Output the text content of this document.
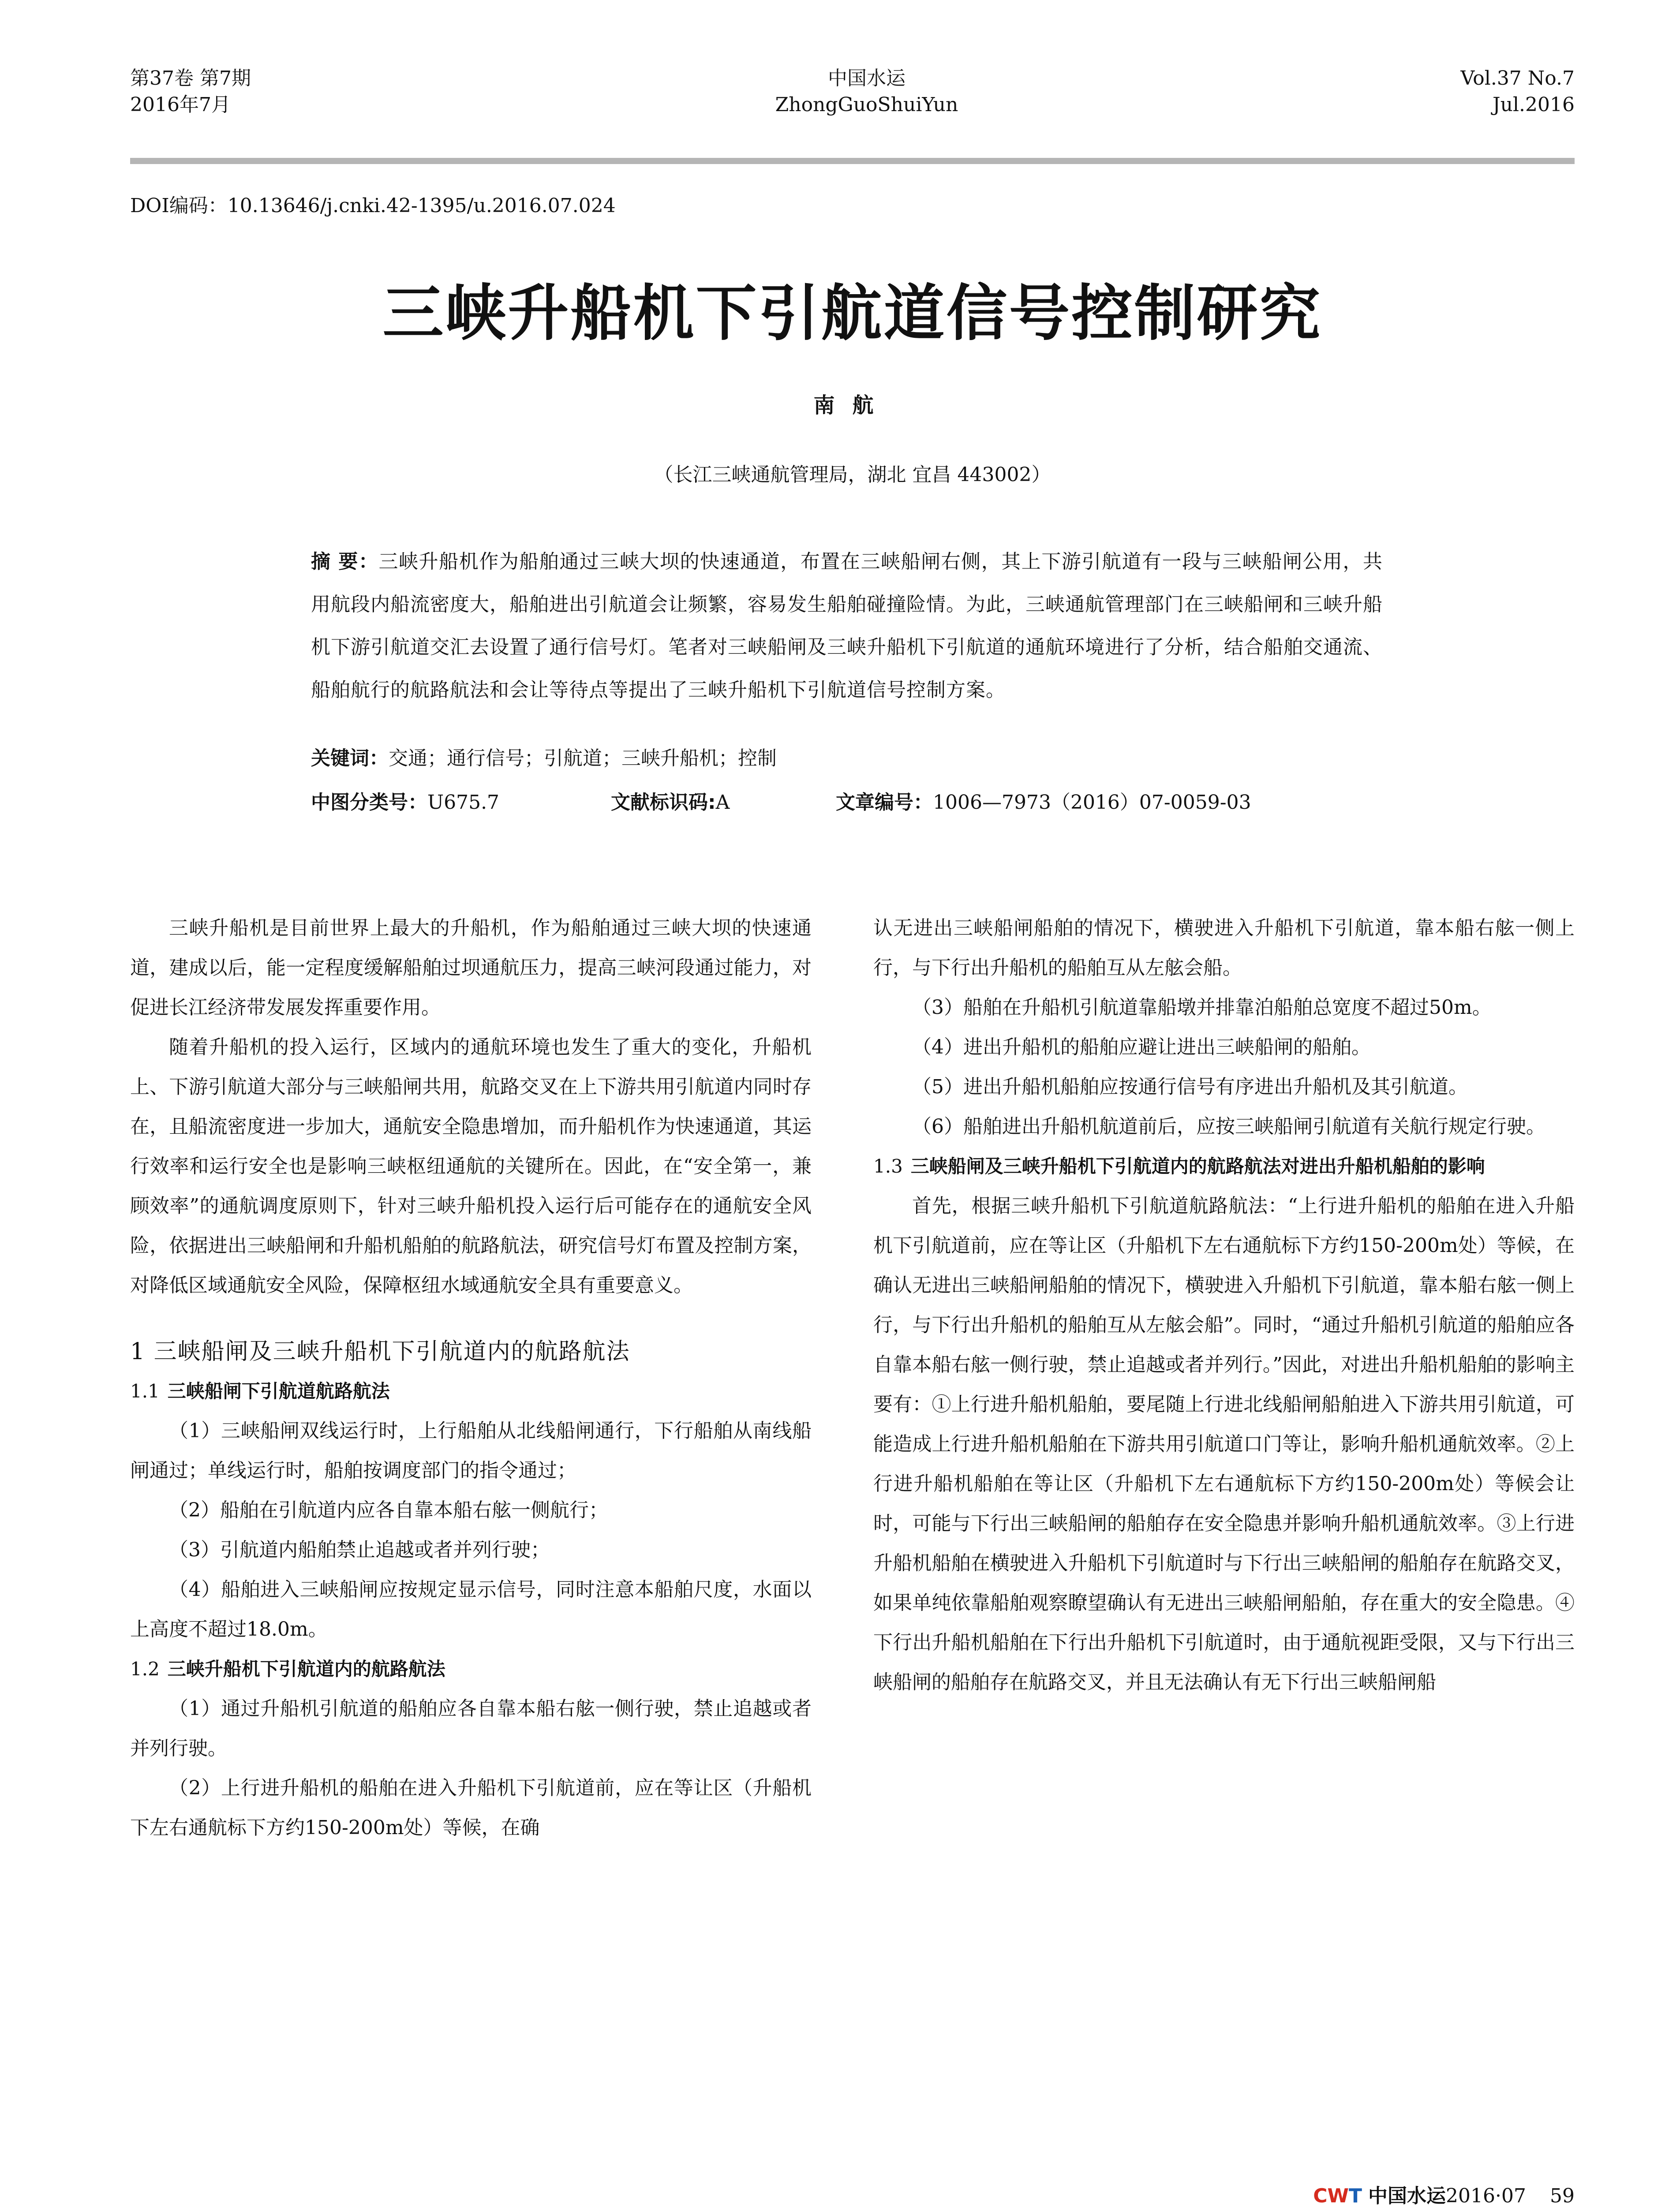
第37卷 第7期
2016年7月
中国水运
ZhongGuoShuiYun
Vol.37 No.7
Jul.2016
DOI编码：10.13646/j.cnki.42-1395/u.2016.07.024
三峡升船机下引航道信号控制研究
南航
（长江三峡通航管理局，湖北 宜昌 443002）
摘 要：三峡升船机作为船舶通过三峡大坝的快速通道，布置在三峡船闸右侧，其上下游引航道有一段与三峡船闸公用，共用航段内船流密度大，船舶进出引航道会让频繁，容易发生船舶碰撞险情。为此，三峡通航管理部门在三峡船闸和三峡升船机下游引航道交汇去设置了通行信号灯。笔者对三峡船闸及三峡升船机下引航道的通航环境进行了分析，结合船舶交通流、船舶航行的航路航法和会让等待点等提出了三峡升船机下引航道信号控制方案。
关键词：交通；通行信号；引航道；三峡升船机；控制
中图分类号：U675.7	文献标识码:A	文章编号：1006—7973（2016）07-0059-03

三峡升船机是目前世界上最大的升船机，作为船舶通过三峡大坝的快速通道，建成以后，能一定程度缓解船舶过坝通航压力，提高三峡河段通过能力，对促进长江经济带发展发挥重要作用。

随着升船机的投入运行，区域内的通航环境也发生了重大的变化，升船机上、下游引航道大部分与三峡船闸共用，航路交叉在上下游共用引航道内同时存在，且船流密度进一步加大，通航安全隐患增加，而升船机作为快速通道，其运行效率和运行安全也是影响三峡枢纽通航的关键所在。因此，在“安全第一，兼顾效率”的通航调度原则下，针对三峡升船机投入运行后可能存在的通航安全风险，依据进出三峡船闸和升船机船舶的航路航法，研究信号灯布置及控制方案，对降低区域通航安全风险，保障枢纽水域通航安全具有重要意义。

1 三峡船闸及三峡升船机下引航道内的航路航法

1.1 三峡船闸下引航道航路航法

（1）三峡船闸双线运行时，上行船舶从北线船闸通行，下行船舶从南线船闸通过；单线运行时，船舶按调度部门的指令通过；

（2）船舶在引航道内应各自靠本船右舷一侧航行；

（3）引航道内船舶禁止追越或者并列行驶；

（4）船舶进入三峡船闸应按规定显示信号，同时注意本船舶尺度，水面以上高度不超过18.0m。

1.2 三峡升船机下引航道内的航路航法

（1）通过升船机引航道的船舶应各自靠本船右舷一侧行驶，禁止追越或者并列行驶。

（2）上行进升船机的船舶在进入升船机下引航道前，应在等让区（升船机下左右通航标下方约150-200m处）等候，在确

认无进出三峡船闸船舶的情况下，横驶进入升船机下引航道，靠本船右舷一侧上行，与下行出升船机的船舶互从左舷会船。

（3）船舶在升船机引航道靠船墩并排靠泊船舶总宽度不超过50m。

（4）进出升船机的船舶应避让进出三峡船闸的船舶。

（5）进出升船机船舶应按通行信号有序进出升船机及其引航道。

（6）船舶进出升船机航道前后，应按三峡船闸引航道有关航行规定行驶。

1.3 三峡船闸及三峡升船机下引航道内的航路航法对进出升船机船舶的影响

首先，根据三峡升船机下引航道航路航法：“上行进升船机的船舶在进入升船机下引航道前，应在等让区（升船机下左右通航标下方约150-200m处）等候，在确认无进出三峡船闸船舶的情况下，横驶进入升船机下引航道，靠本船右舷一侧上行，与下行出升船机的船舶互从左舷会船”。同时，“通过升船机引航道的船舶应各自靠本船右舷一侧行驶，禁止追越或者并列行。”因此，对进出升船机船舶的影响主要有：①上行进升船机船舶，要尾随上行进北线船闸船舶进入下游共用引航道，可能造成上行进升船机船舶在下游共用引航道口门等让，影响升船机通航效率。②上行进升船机船舶在等让区（升船机下左右通航标下方约150-200m处）等候会让时，可能与下行出三峡船闸的船舶存在安全隐患并影响升船机通航效率。③上行进升船机船舶在横驶进入升船机下引航道时与下行出三峡船闸的船舶存在航路交叉，如果单纯依靠船舶观察瞭望确认有无进出三峡船闸船舶，存在重大的安全隐患。④下行出升船机船舶在下行出升船机下引航道时，由于通航视距受限，又与下行出三峡船闸的船舶存在航路交叉，并且无法确认有无下行出三峡船闸船

CWT 中国水运2016·07 59
